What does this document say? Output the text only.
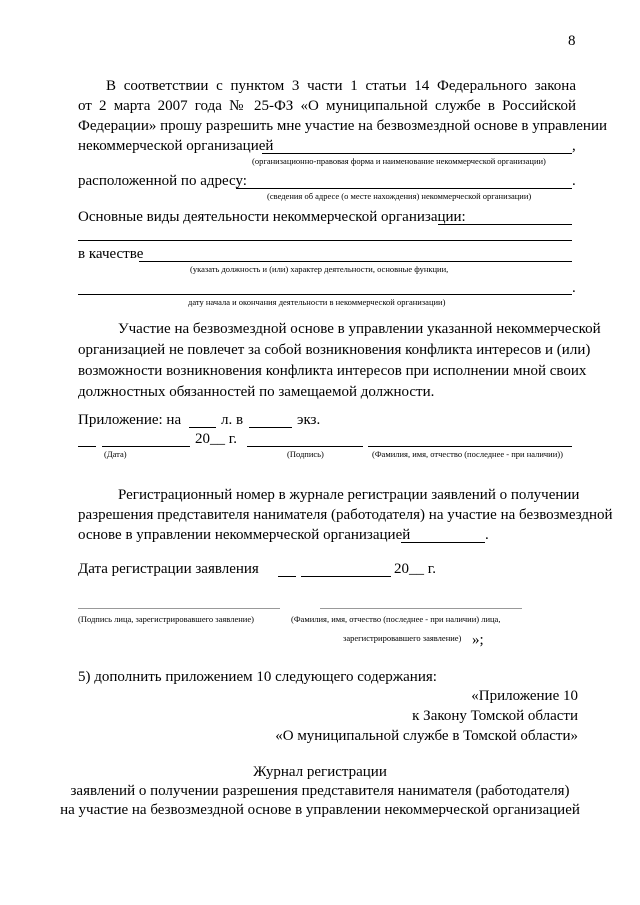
8
В соответствии с пунктом 3 части 1 статьи 14 Федерального закона
от 2 марта 2007 года № 25-ФЗ «О муниципальной службе в Российской
Федерации» прошу разрешить мне участие на безвозмездной основе в управлении
некоммерческой организацией	,
(организационно-правовая форма и наименование некоммерческой организации)
расположенной по адресу:	.
(сведения об адресе (о месте нахождения) некоммерческой организации)
Основные виды деятельности некоммерческой организации:
в качестве
(указать должность и (или) характер деятельности, основные функции,
.
дату начала и окончания деятельности в некоммерческой организации)
Участие на безвозмездной основе в управлении указанной некоммерческой
организацией не повлечет за собой возникновения конфликта интересов и (или)
возможности возникновения конфликта интересов при исполнении мной своих
должностных обязанностей по замещаемой должности.
Приложение: на	л. в	экз.
20__ г.
(Дата)	(Подпись)	(Фамилия, имя, отчество (последнее - при наличии))
Регистрационный номер в журнале регистрации заявлений о получении
разрешения представителя нанимателя (работодателя) на участие на безвозмездной
основе в управлении некоммерческой организацией	.
Дата регистрации заявления	20__ г.
(Подпись лица, зарегистрировавшего заявление)	(Фамилия, имя, отчество (последнее - при наличии) лица,
зарегистрировавшего заявление) »;
5) дополнить приложением 10 следующего содержания:
«Приложение 10
к Закону Томской области
«О муниципальной службе в Томской области»
Журнал регистрации
заявлений о получении разрешения представителя нанимателя (работодателя)
на участие на безвозмездной основе в управлении некоммерческой организацией
